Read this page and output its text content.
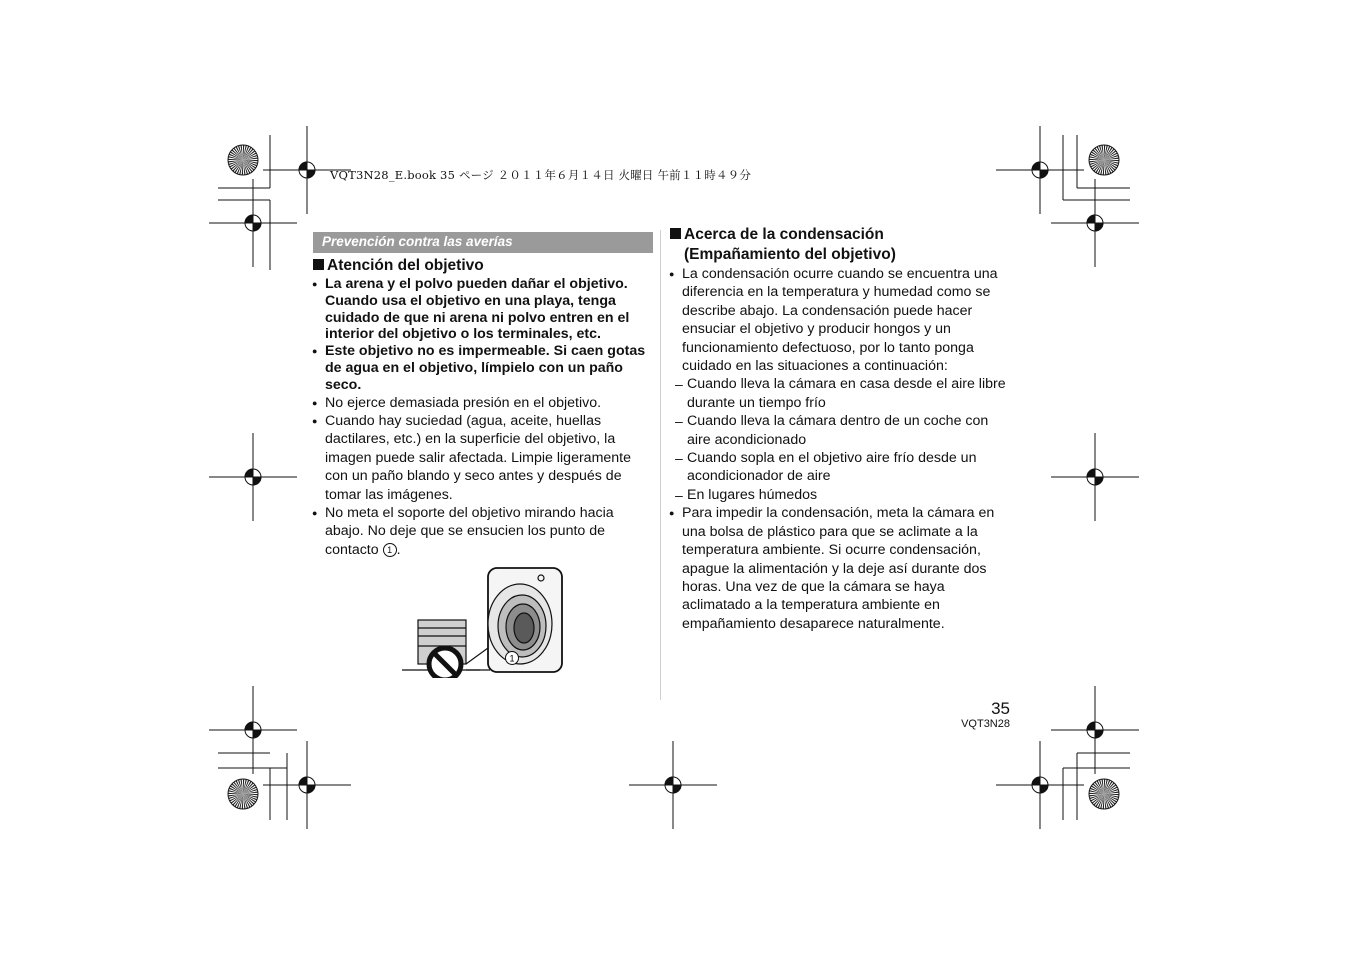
VQT3N28_E.book 35 ページ ２０１１年６月１４日 火曜日 午前１１時４９分
Prevención contra las averías
Atención del objetivo
● La arena y el polvo pueden dañar el objetivo. Cuando usa el objetivo en una playa, tenga cuidado de que ni arena ni polvo entren en el interior del objetivo o los terminales, etc.
● Este objetivo no es impermeable. Si caen gotas de agua en el objetivo, límpielo con un paño seco.
● No ejerce demasiada presión en el objetivo.
● Cuando hay suciedad (agua, aceite, huellas dactilares, etc.) en la superficie del objetivo, la imagen puede salir afectada. Limpie ligeramente con un paño blando y seco antes y después de tomar las imágenes.
● No meta el soporte del objetivo mirando hacia abajo. No deje que se ensucien los punto de contacto 1 .
1
Acerca de la condensación
(Empañamiento del objetivo)
● La condensación ocurre cuando se encuentra una diferencia en la temperatura y humedad como se describe abajo. La condensación puede hacer ensuciar el objetivo y producir hongos y un funcionamiento defectuoso, por lo tanto ponga cuidado en las situaciones a continuación:
– Cuando lleva la cámara en casa desde el aire libre durante un tiempo frío
– Cuando lleva la cámara dentro de un coche con aire acondicionado
– Cuando sopla en el objetivo aire frío desde un acondicionador de aire
– En lugares húmedos
● Para impedir la condensación, meta la cámara en una bolsa de plástico para que se aclimate a la temperatura ambiente. Si ocurre condensación, apague la alimentación y la deje así durante dos horas. Una vez de que la cámara se haya aclimatado a la temperatura ambiente en empañamiento desaparece naturalmente.
35
VQT3N28
